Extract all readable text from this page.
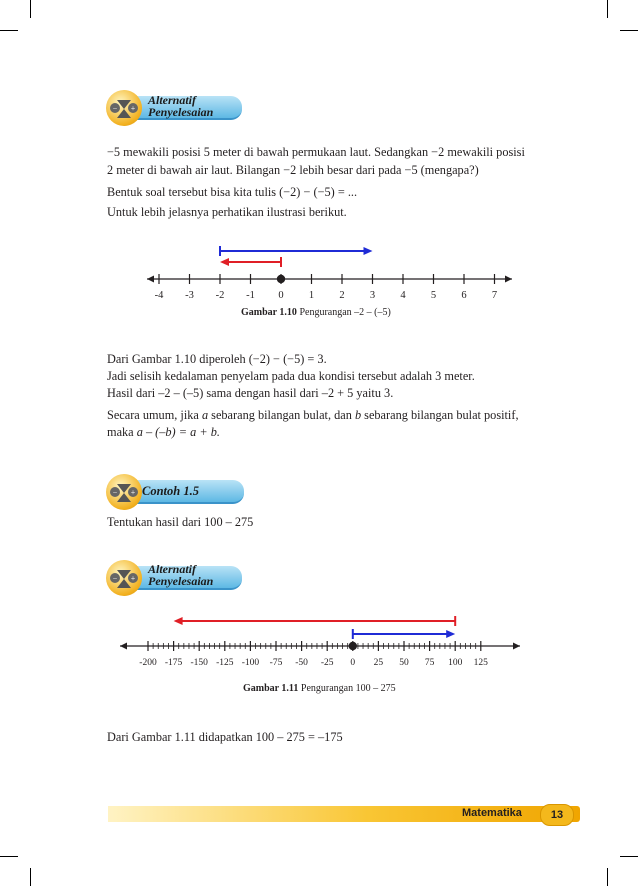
− +
Alternatif
Penyelesaian
−5 mewakili posisi 5 meter di bawah permukaan laut. Sedangkan −2 mewakili posisi
2 meter di bawah air laut. Bilangan −2 lebih besar dari pada −5 (mengapa?)
Bentuk soal tersebut bisa kita tulis (−2) − (−5) = ...
Untuk lebih jelasnya perhatikan ilustrasi berikut.
-4 -3 -2 -1 0 1 2 3 4 5 6 7
Gambar 1.10 Pengurangan –2 – (–5)
Dari Gambar 1.10 diperoleh (−2) − (−5) = 3.
Jadi selisih kedalaman penyelam pada dua kondisi tersebut adalah 3 meter.
Hasil dari –2 – (–5) sama dengan hasil dari –2 + 5 yaitu 3.
Secara umum, jika a sebarang bilangan bulat, dan b sebarang bilangan bulat positif,
maka a – (–b) = a + b.
− + Contoh 1.5
Tentukan hasil dari 100 – 275
− +
Alternatif
Penyelesaian
-200 -175 -150 -125 -100 -75 -50 -25 0 25 50 75 100 125
Gambar 1.11 Pengurangan 100 – 275
Dari Gambar 1.11 didapatkan 100 – 275 = –175
Matematika	13
